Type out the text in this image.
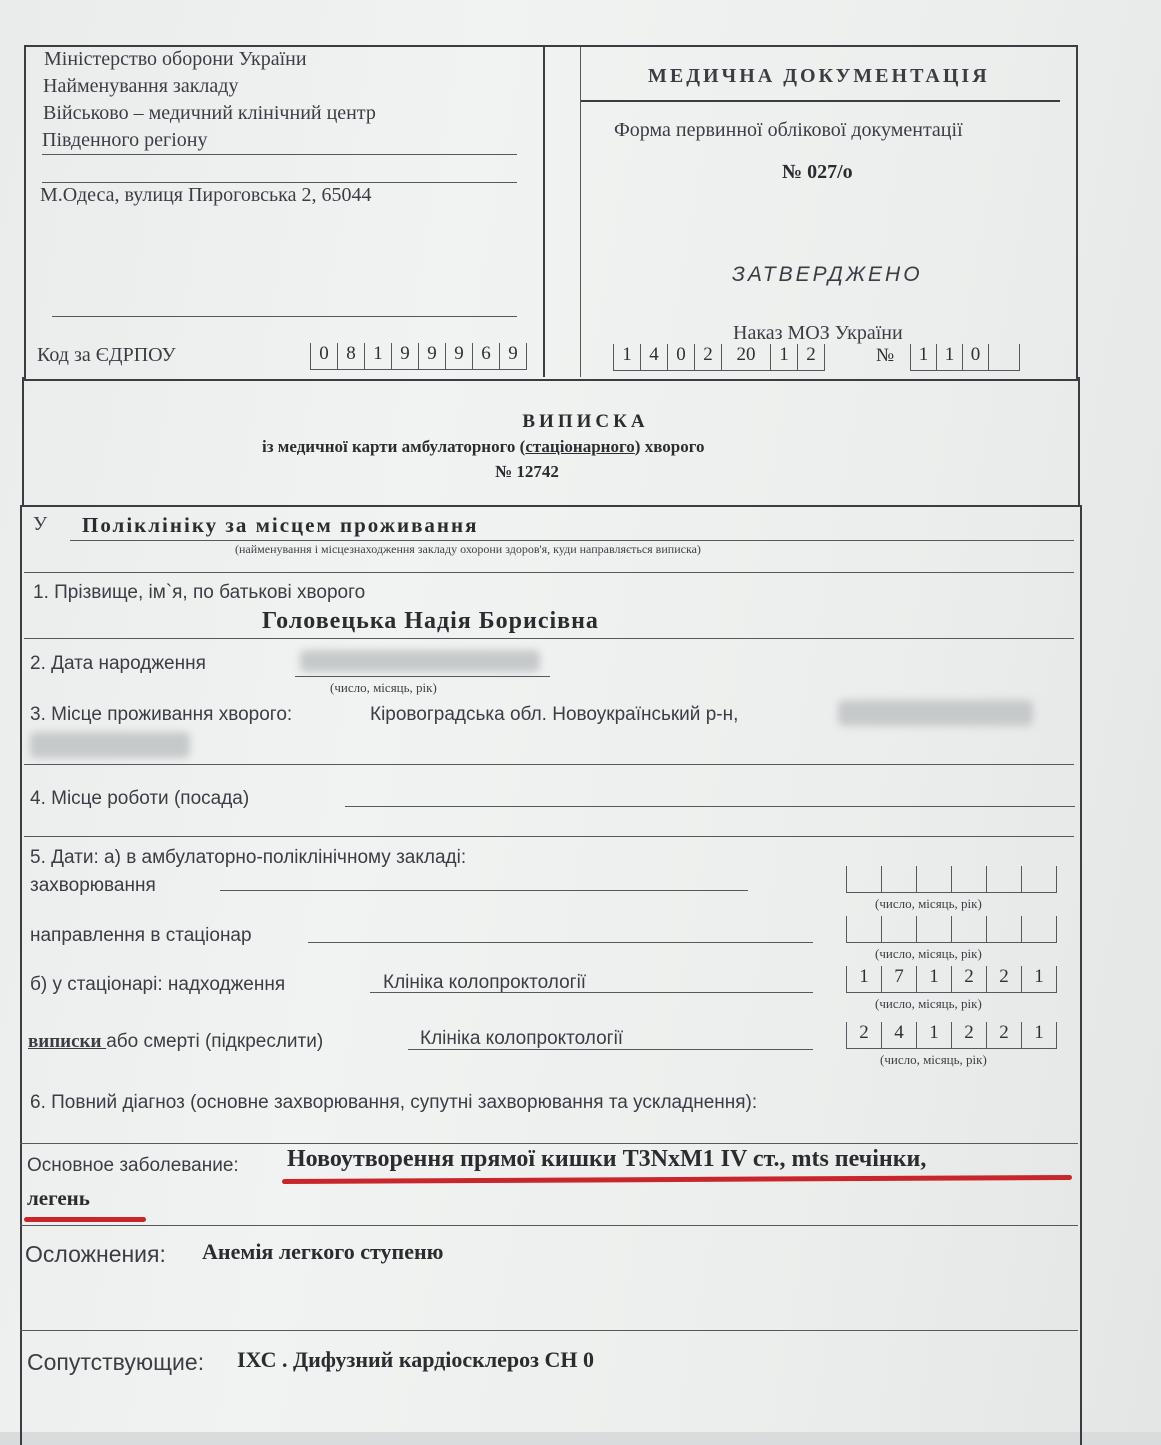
Міністерство оборони України
Найменування закладу
Військово – медичний клінічний центр
Південного регіону
М.Одеса, вулиця Пироговська 2, 65044
Код за ЄДРПОУ	0 8 1 9 9 9 6 9
МЕДИЧНА ДОКУМЕНТАЦІЯ
Форма первинної облікової документації
№ 027/о
ЗАТВЕРДЖЕНО
Наказ МОЗ України
1 4 0 2	20	1 2	№	1 1 0
ВИПИСКА
із медичної карти амбулаторного (стаціонарного) хворого
№ 12742
У Поліклініку за місцем проживання
(найменування і місцезнаходження закладу охорони здоров'я, куди направляється виписка)
1. Прізвище, ім`я, по батькові хворого
Головецька Надія Борисівна
2. Дата народження
(число, місяць, рік)
3. Місце проживання хворого:	Кіровоградська обл. Новоукраїнський р-н,
4. Місце роботи (посада)
5. Дати: а) в амбулаторно-поліклінічному закладі:
захворювання
(число, місяць, рік)
направлення в стаціонар
(число, місяць, рік)
б) у стаціонарі: надходження	Клініка колопроктології	1	7	1	2	2	1
(число, місяць, рік)
виписки або смерті (підкреслити)	Клініка колопроктології	2	4	1	2	2	1
(число, місяць, рік)
6. Повний діагноз (основне захворювання, супутні захворювання та ускладнення):
Основное заболевание: Новоутворення прямої кишки T3NxM1 IV ст., mts печінки,
легень
Осложнения: Анемія легкого ступеню
Сопутствующие: ІХС . Дифузний кардіосклероз СН 0
